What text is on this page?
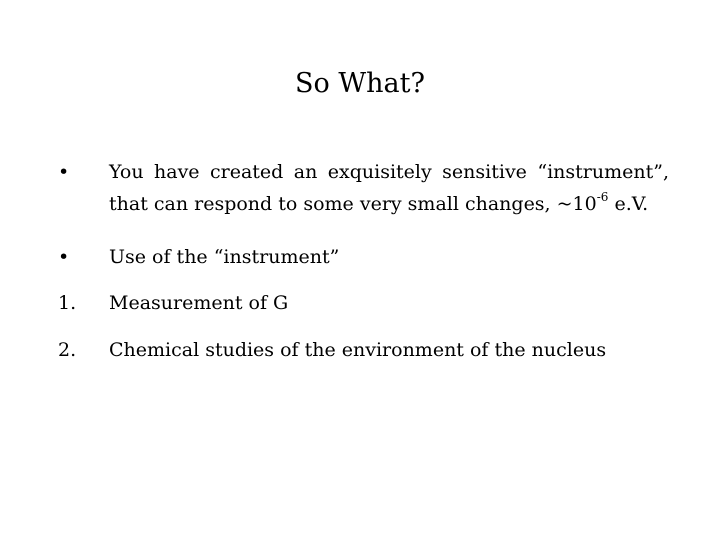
So What?
•	You have created an exquisitely sensitive “instrument”, that can respond to some very small changes, $\sim 10^{-6}$ e.V.
•	Use of the “instrument”
1.	Measurement of G
2.	Chemical studies of the environment of the nucleus
